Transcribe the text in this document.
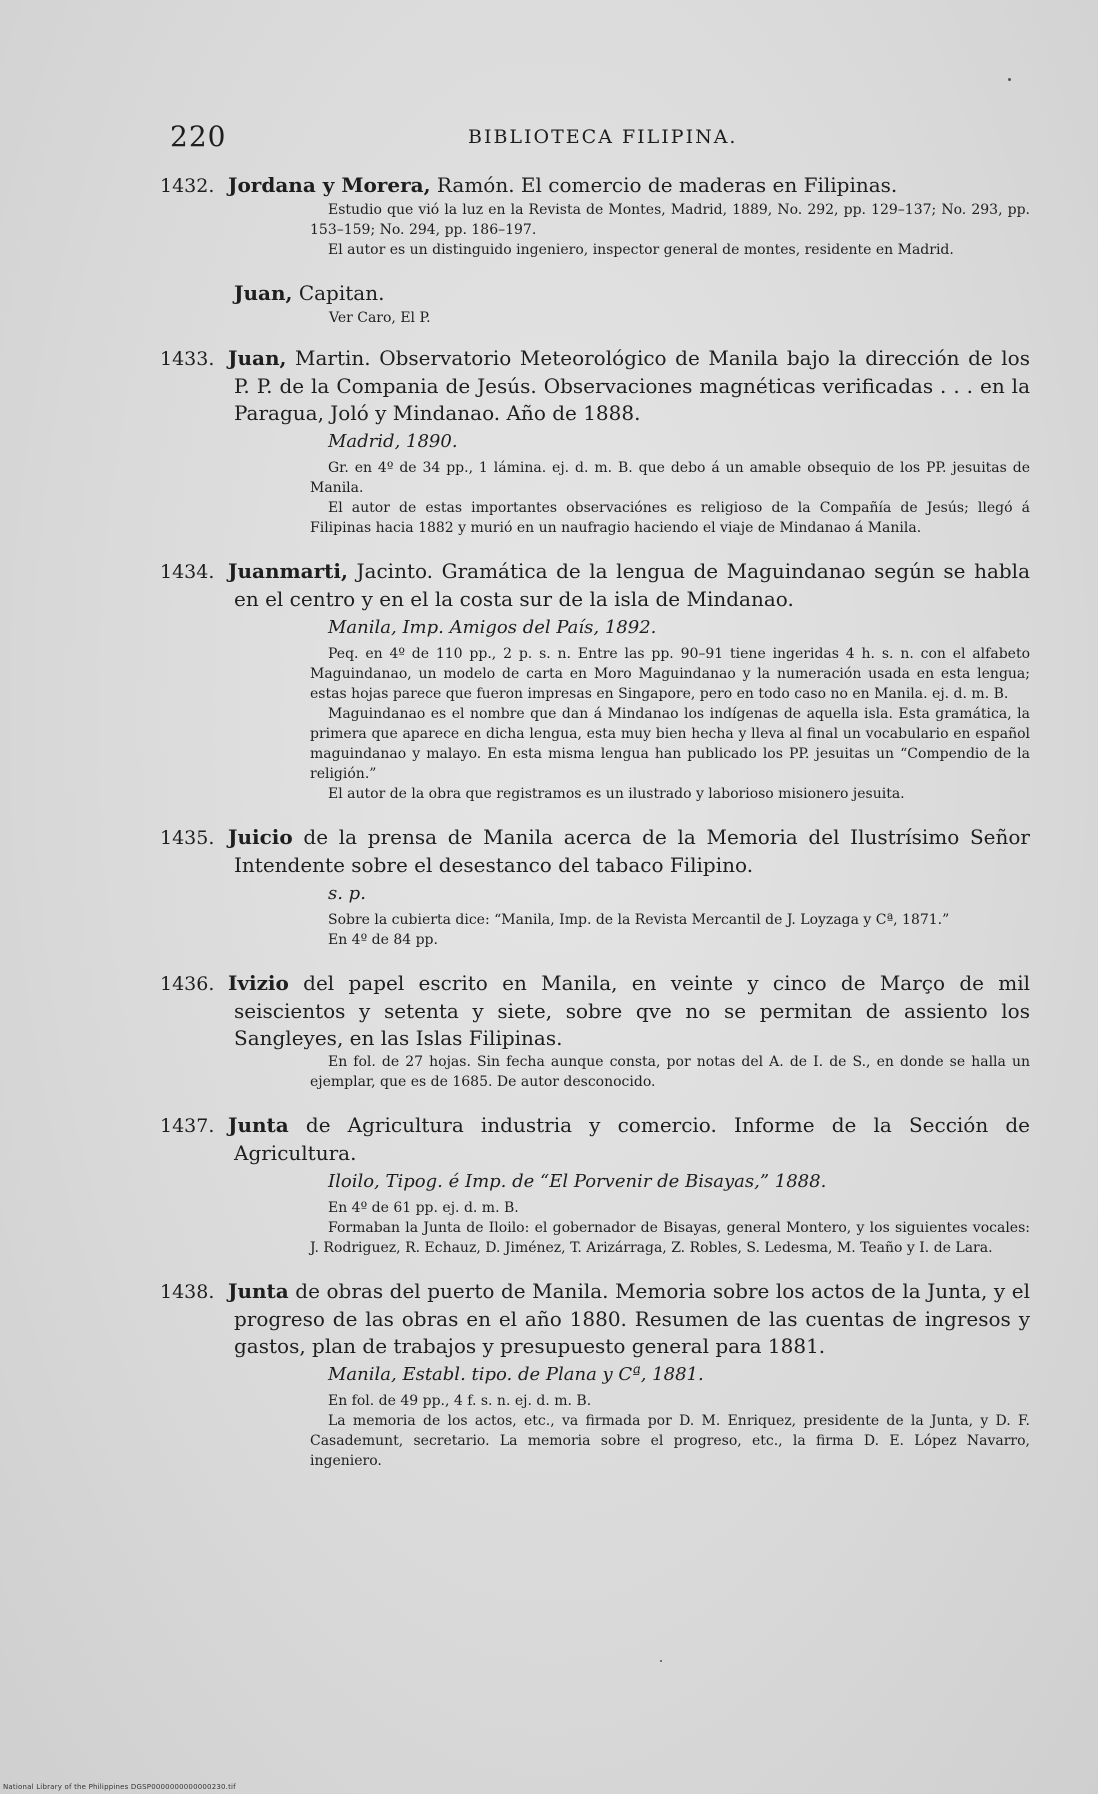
220	BIBLIOTECA FILIPINA.
1432. Jordana y Morera, Ramón. El comercio de maderas en Filipinas.

Estudio que vió la luz en la Revista de Montes, Madrid, 1889, No. 292, pp. 129–137; No. 293, pp. 153–159; No. 294, pp. 186–197.

El autor es un distinguido ingeniero, inspector general de montes, residente en Madrid.

Juan, Capitan.
Ver Caro, El P.
1433. Juan, Martin. Observatorio Meteorológico de Manila bajo la dirección de los P. P. de la Compania de Jesús. Observaciones magnéticas verificadas . . . en la Paragua, Joló y Mindanao. Año de 1888.
Madrid, 1890.

Gr. en 4º de 34 pp., 1 lámina. ej. d. m. B. que debo á un amable obsequio de los PP. jesuitas de Manila.

El autor de estas importantes observaciónes es religioso de la Compañía de Jesús; llegó á Filipinas hacia 1882 y murió en un naufragio haciendo el viaje de Mindanao á Manila.

1434. Juanmarti, Jacinto. Gramática de la lengua de Maguindanao según se habla en el centro y en el la costa sur de la isla de Mindanao.
Manila, Imp. Amigos del País, 1892.

Peq. en 4º de 110 pp., 2 p. s. n. Entre las pp. 90–91 tiene ingeridas 4 h. s. n. con el alfabeto Maguindanao, un modelo de carta en Moro Maguindanao y la numeración usada en esta lengua; estas hojas parece que fueron impresas en Singapore, pero en todo caso no en Manila. ej. d. m. B.

Maguindanao es el nombre que dan á Mindanao los indígenas de aquella isla. Esta gramática, la primera que aparece en dicha lengua, esta muy bien hecha y lleva al final un vocabulario en español maguindanao y malayo. En esta misma lengua han publicado los PP. jesuitas un “Compendio de la religión.”

El autor de la obra que registramos es un ilustrado y laborioso misionero jesuita.

1435. Juicio de la prensa de Manila acerca de la Memoria del Ilustrísimo Señor Intendente sobre el desestanco del tabaco Filipino.
s. p.

Sobre la cubierta dice: “Manila, Imp. de la Revista Mercantil de J. Loyzaga y Cª, 1871.”

En 4º de 84 pp.

1436. Ivizio del papel escrito en Manila, en veinte y cinco de Março de mil seiscientos y setenta y siete, sobre qve no se permitan de assiento los Sangleyes, en las Islas Filipinas.

En fol. de 27 hojas. Sin fecha aunque consta, por notas del A. de I. de S., en donde se halla un ejemplar, que es de 1685. De autor desconocido.

1437. Junta de Agricultura industria y comercio. Informe de la Sección de Agricultura.
Iloilo, Tipog. é Imp. de “El Porvenir de Bisayas,” 1888.

En 4º de 61 pp. ej. d. m. B.

Formaban la Junta de Iloilo: el gobernador de Bisayas, general Montero, y los siguientes vocales: J. Rodriguez, R. Echauz, D. Jiménez, T. Arizárraga, Z. Robles, S. Ledesma, M. Teaño y I. de Lara.

1438. Junta de obras del puerto de Manila. Memoria sobre los actos de la Junta, y el progreso de las obras en el año 1880. Resumen de las cuentas de ingresos y gastos, plan de trabajos y presupuesto general para 1881.
Manila, Establ. tipo. de Plana y Cª, 1881.

En fol. de 49 pp., 4 f. s. n. ej. d. m. B.

La memoria de los actos, etc., va firmada por D. M. Enriquez, presidente de la Junta, y D. F. Casademunt, secretario. La memoria sobre el progreso, etc., la firma D. E. López Navarro, ingeniero.

National Library of the Philippines DGSP0000000000000230.tif
